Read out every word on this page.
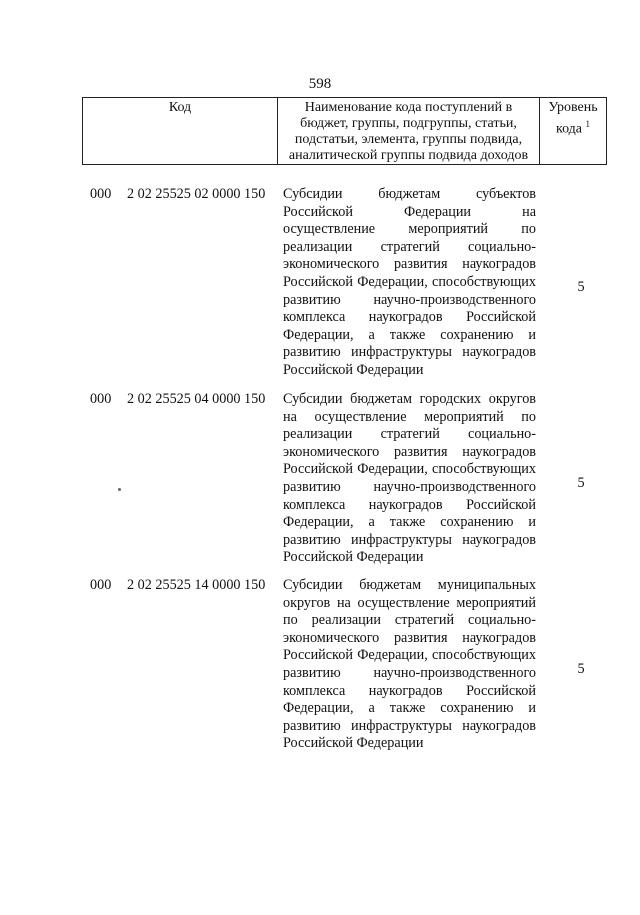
598
Код	Наименование кода поступлений в бюджет, группы, подгруппы, статьи, подстатьи, элемента, группы подвида, аналитической группы подвида доходов
Уровень кода $^1$
000 2 02 25525 02 0000 150 Субсидии бюджетам субъектов Российской Федерации на осуществление мероприятий по реализации стратегий социально-экономического развития наукоградов Российской Федерации, способствующих развитию научно-производственного комплекса наукоградов Российской Федерации, а также сохранению и развитию инфраструктуры наукоградов Российской Федерации
5
000 2 02 25525 04 0000 150 Субсидии бюджетам городских округов на осуществление мероприятий по реализации стратегий социально-экономического развития наукоградов Российской Федерации, способствующих развитию научно-производственного комплекса наукоградов Российской Федерации, а также сохранению и развитию инфраструктуры наукоградов Российской Федерации
5
000 2 02 25525 14 0000 150 Субсидии бюджетам муниципальных округов на осуществление мероприятий по реализации стратегий социально-экономического развития наукоградов Российской Федерации, способствующих развитию научно-производственного комплекса наукоградов Российской Федерации, а также сохранению и развитию инфраструктуры наукоградов Российской Федерации
5
